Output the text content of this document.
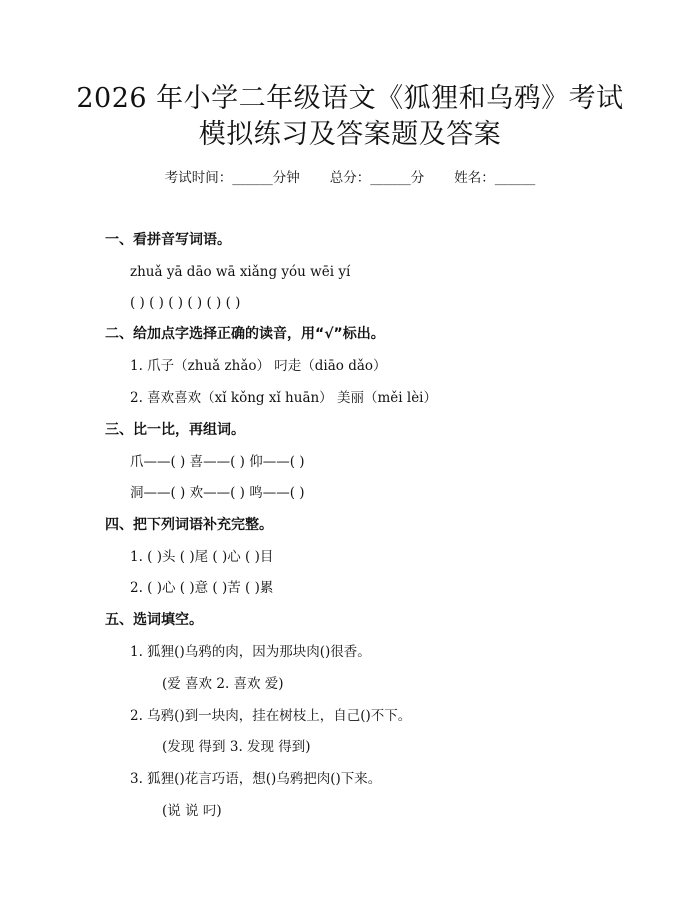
2026 年小学二年级语文《狐狸和乌鸦》考试
模拟练习及答案题及答案
考试时间：______分钟 总分：______分 姓名：______
一、看拼音写词语。
zhuǎ yā dāo wā xiǎng yóu wēi yí
( ) ( ) ( ) ( ) ( ) ( )
二、给加点字选择正确的读音，用“√”标出。
1. 爪子（zhuǎ zhǎo） 叼走（diāo dǎo）
2. 喜欢喜欢（xǐ kǒng xǐ huān） 美丽（měi lèi）
三、比一比，再组词。
爪——( ) 喜——( ) 仰——( )
洞——( ) 欢——( ) 鸣——( )
四、把下列词语补充完整。
1. ( )头 ( )尾 ( )心 ( )目
2. ( )心 ( )意 ( )苦 ( )累
五、选词填空。
1. 狐狸()乌鸦的肉，因为那块肉()很香。
(爱 喜欢 2. 喜欢 爱)
2. 乌鸦()到一块肉，挂在树枝上，自己()不下。
(发现 得到 3. 发现 得到)
3. 狐狸()花言巧语，想()乌鸦把肉()下来。
(说 说 叼)
